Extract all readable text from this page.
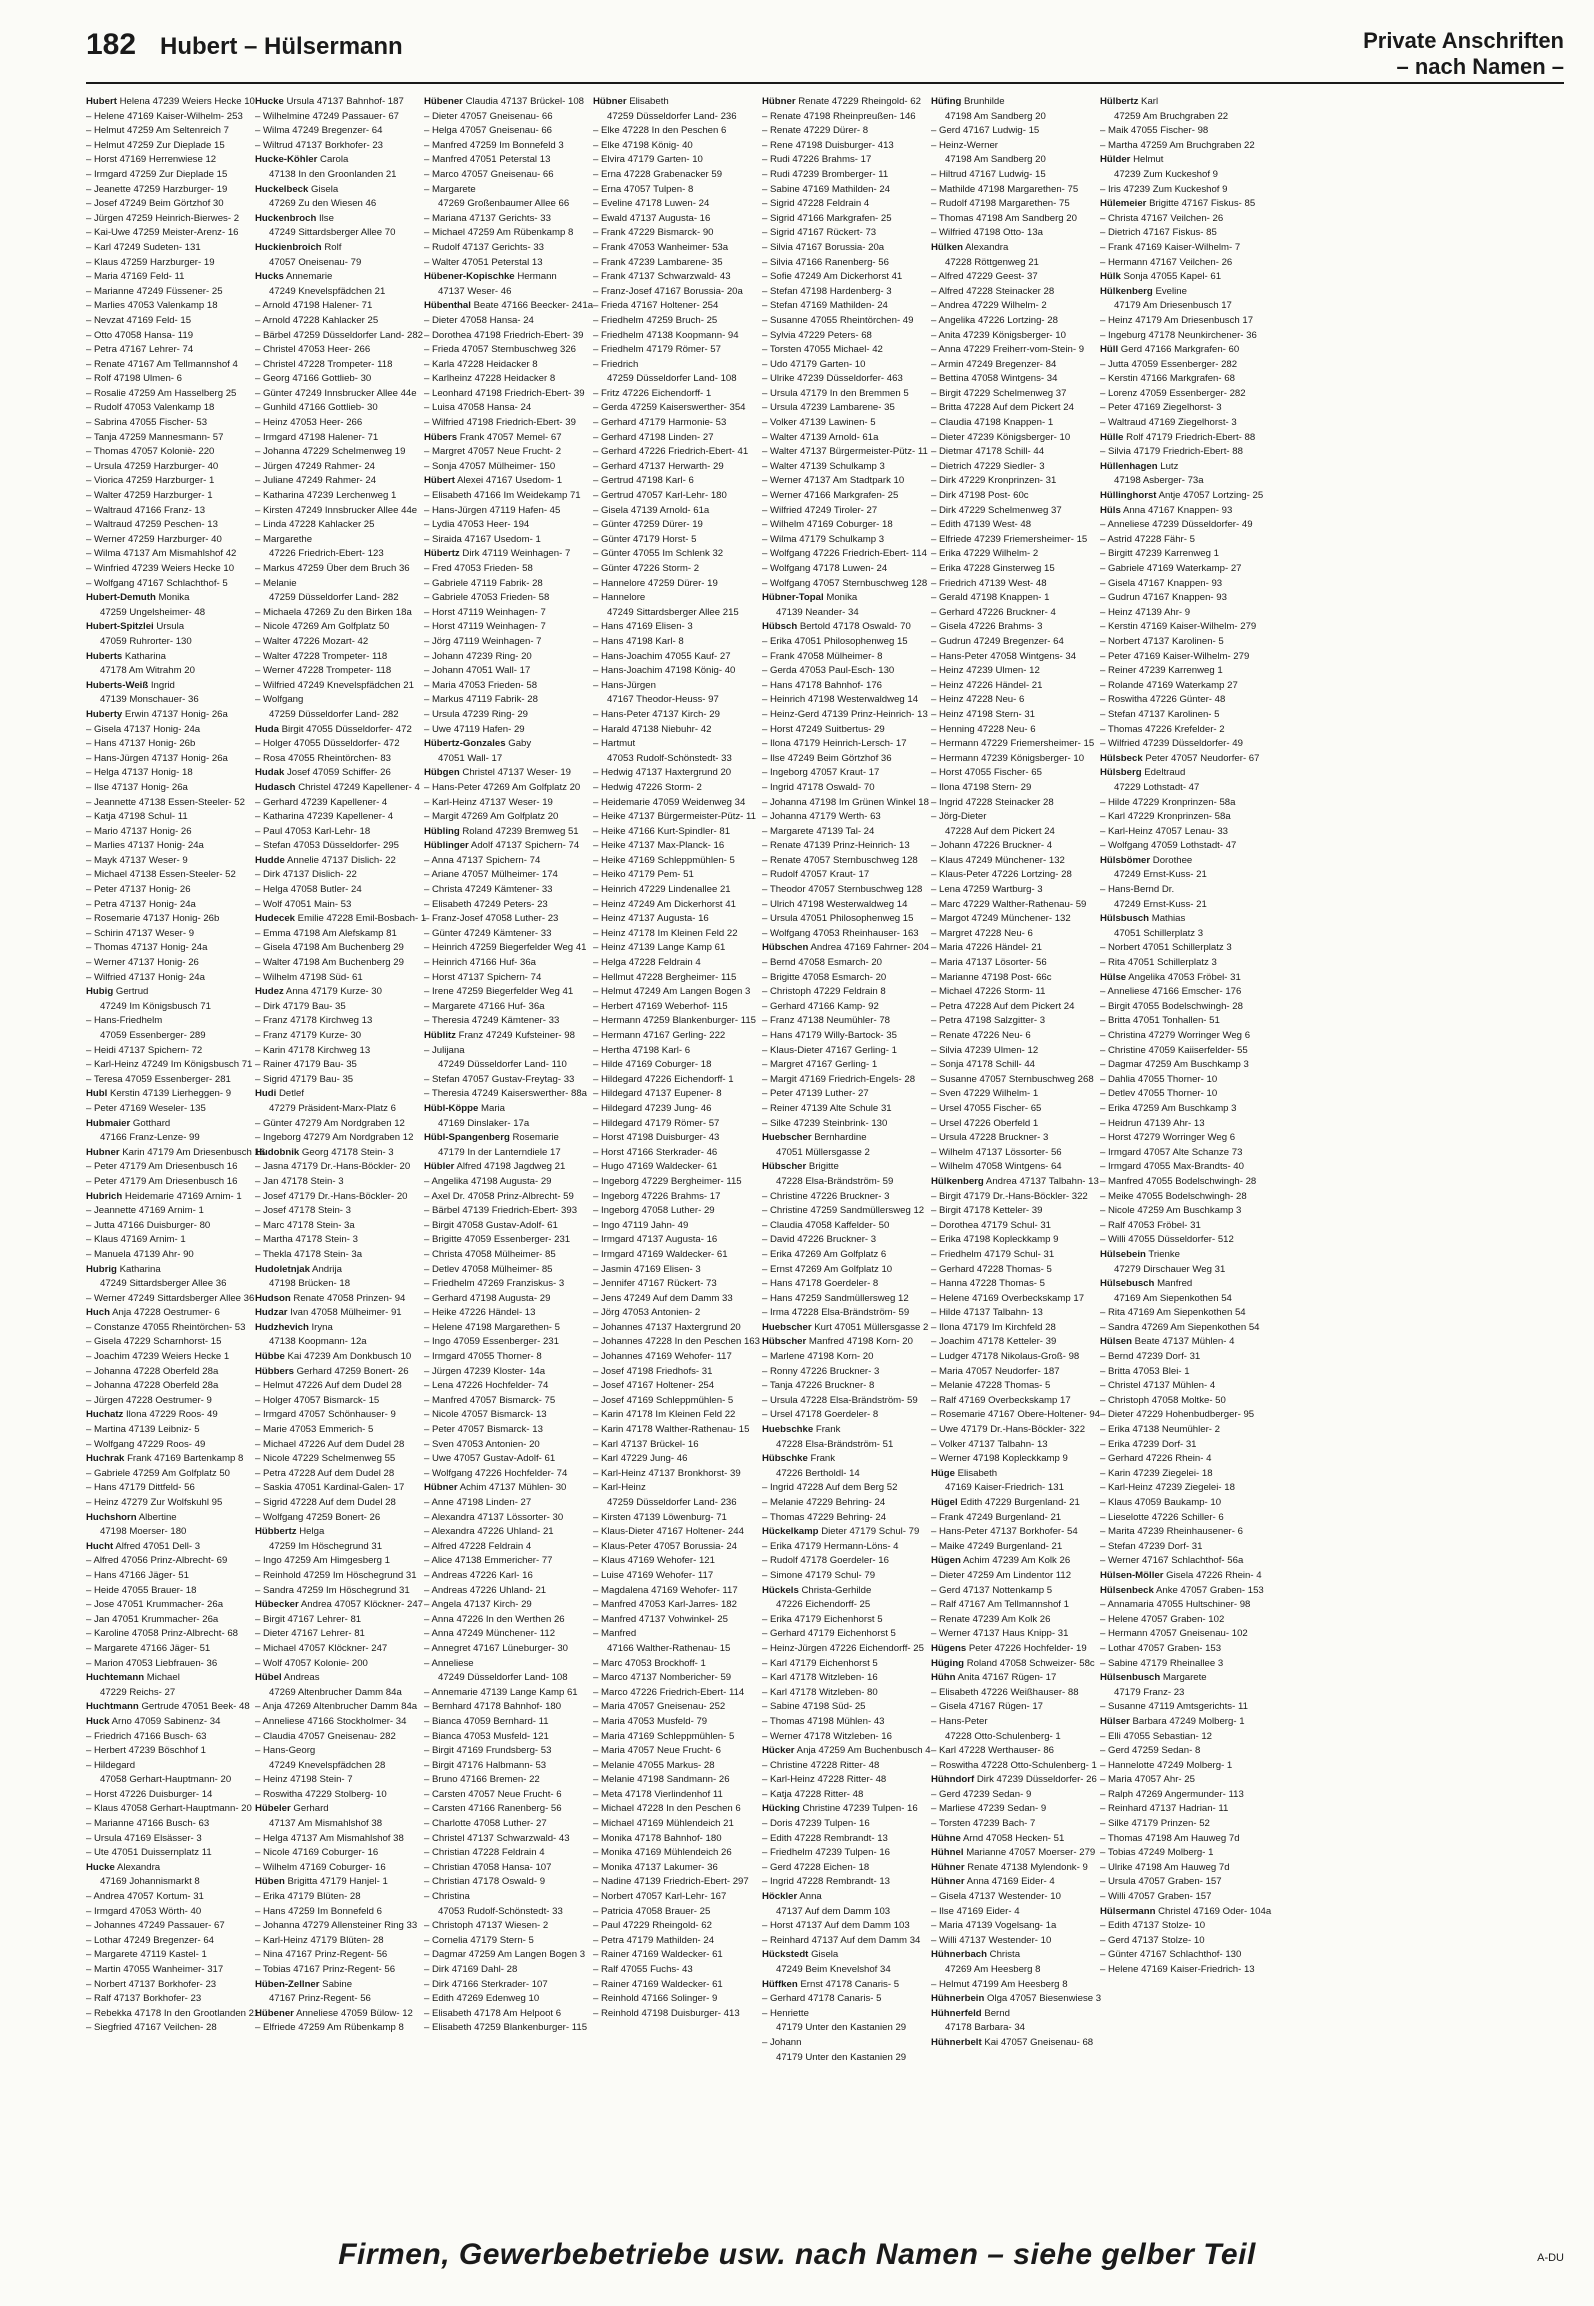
182 Hubert – Hülsermann	Private Anschriften
– nach Namen –
Hubert Helena 47239 Weiers Hecke 10
– Helene 47169 Kaiser-Wilhelm- 253
– Helmut 47259 Am Seltenreich 7
– Helmut 47259 Zur Dieplade 15
– Horst 47169 Herrenwiese 12
– Irmgard 47259 Zur Dieplade 15
– Jeanette 47259 Harzburger- 19
– Josef 47249 Beim Görtzhof 30
– Jürgen 47259 Heinrich-Bierwes- 2
– Kai-Uwe 47259 Meister-Arenz- 16
– Karl 47249 Sudeten- 131
– Klaus 47259 Harzburger- 19
– Maria 47169 Feld- 11
– Marianne 47249 Füssener- 25
– Marlies 47053 Valenkamp 18
– Nevzat 47169 Feld- 15
– Otto 47058 Hansa- 119
– Petra 47167 Lehrer- 74
– Renate 47167 Am Tellmannshof 4
– Rolf 47198 Ulmen- 6
– Rosalie 47259 Am Hasselberg 25
– Rudolf 47053 Valenkamp 18
– Sabrina 47055 Fischer- 53
– Tanja 47259 Mannesmann- 57
– Thomas 47057 Koloniè- 220
– Ursula 47259 Harzburger- 40
– Viorica 47259 Harzburger- 1
– Walter 47259 Harzburger- 1
– Waltraud 47166 Franz- 13
– Waltraud 47259 Peschen- 13
– Werner 47259 Harzburger- 40
– Wilma 47137 Am Mismahlshof 42
– Winfried 47239 Weiers Hecke 10
– Wolfgang 47167 Schlachthof- 5
Hubert-Demuth Monika
47259 Ungelsheimer- 48
Hubert-Spitzlei Ursula
47059 Ruhrorter- 130
Huberts Katharina
47178 Am Witrahm 20
Huberts-Weiß Ingrid
47139 Monschauer- 36
Huberty Erwin 47137 Honig- 26a
– Gisela 47137 Honig- 24a
– Hans 47137 Honig- 26b
– Hans-Jürgen 47137 Honig- 26a
– Helga 47137 Honig- 18
– Ilse 47137 Honig- 26a
– Jeannette 47138 Essen-Steeler- 52
– Katja 47198 Schul- 11
– Mario 47137 Honig- 26
– Marlies 47137 Honig- 24a
– Mayk 47137 Weser- 9
– Michael 47138 Essen-Steeler- 52
– Peter 47137 Honig- 26
– Petra 47137 Honig- 24a
– Rosemarie 47137 Honig- 26b
– Schirin 47137 Weser- 9
– Thomas 47137 Honig- 24a
– Werner 47137 Honig- 26
– Wilfried 47137 Honig- 24a
Hubig Gertrud
47249 Im Königsbusch 71
– Hans-Friedhelm
47059 Essenberger- 289
– Heidi 47137 Spichern- 72
– Karl-Heinz 47249 Im Königsbusch 71
– Teresa 47059 Essenberger- 281
Hubl Kerstin 47139 Lierheggen- 9
– Peter 47169 Weseler- 135
Hubmaier Gotthard
47166 Franz-Lenze- 99
Hubner Karin 47179 Am Driesenbusch 16
– Peter 47179 Am Driesenbusch 16
– Peter 47179 Am Driesenbusch 16
Hubrich Heidemarie 47169 Arnim- 1
– Jeannette 47169 Arnim- 1
– Jutta 47166 Duisburger- 80
– Klaus 47169 Arnim- 1
– Manuela 47139 Ahr- 90
Hubrig Katharina
47249 Sittardsberger Allee 36
– Werner 47249 Sittardsberger Allee 36
Huch Anja 47228 Oestrumer- 6
– Constanze 47055 Rheintörchen- 53
– Gisela 47229 Scharnhorst- 15
– Joachim 47239 Weiers Hecke 1
– Johanna 47228 Oberfeld 28a
– Johanna 47228 Oberfeld 28a
– Jürgen 47228 Oestrumer- 9
Huchatz Ilona 47229 Roos- 49
– Martina 47139 Leibniz- 5
– Wolfgang 47229 Roos- 49
Huchrak Frank 47169 Bartenkamp 8
– Gabriele 47259 Am Golfplatz 50
– Hans 47179 Dittfeld- 56
– Heinz 47279 Zur Wolfskuhl 95
Huchshorn Albertine
47198 Moerser- 180
Hucht Alfred 47051 Dell- 3
– Alfred 47056 Prinz-Albrecht- 69
– Hans 47166 Jäger- 51
– Heide 47055 Brauer- 18
– Jose 47051 Krummacher- 26a
– Jan 47051 Krummacher- 26a
– Karoline 47058 Prinz-Albrecht- 68
– Margarete 47166 Jäger- 51
– Marion 47053 Liebfrauen- 36
Huchtemann Michael
47229 Reichs- 27
Huchtmann Gertrude 47051 Beek- 48
Huck Arno 47059 Sabinenz- 34
– Friedrich 47166 Busch- 63
– Herbert 47239 Böschhof 1
– Hildegard
47058 Gerhart-Hauptmann- 20
– Horst 47226 Duisburger- 14
– Klaus 47058 Gerhart-Hauptmann- 20
– Marianne 47166 Busch- 63
– Ursula 47169 Elsässer- 3
– Ute 47051 Duissernplatz 11
Hucke Alexandra
47169 Johannismarkt 8
– Andrea 47057 Kortum- 31
– Irmgard 47053 Wörth- 40
– Johannes 47249 Passauer- 67
– Lothar 47249 Bregenzer- 64
– Margarete 47119 Kastel- 1
– Martin 47055 Wanheimer- 317
– Norbert 47137 Borkhofer- 23
– Ralf 47137 Borkhofer- 23
– Rebekka 47178 In den Grootlanden 21
– Siegfried 47167 Veilchen- 28
Hucke Ursula 47137 Bahnhof- 187
– Wilhelmine 47249 Passauer- 67
– Wilma 47249 Bregenzer- 64
– Wiltrud 47137 Borkhofer- 23
Hucke-Köhler Carola
47138 In den Groonlanden 21
Huckelbeck Gisela
47269 Zu den Wiesen 46
Huckenbroch Ilse
47249 Sittardsberger Allee 70
Huckienbroich Rolf
47057 Oneisenau- 79
Hucks Annemarie
47249 Knevelspfädchen 21
– Arnold 47198 Halener- 71
– Arnold 47228 Kahlacker 25
– Bärbel 47259 Düsseldorfer Land- 282
– Christel 47053 Heer- 266
– Christel 47228 Trompeter- 118
– Georg 47166 Gottlieb- 30
– Günter 47249 Innsbrucker Allee 44e
– Gunhild 47166 Gottlieb- 30
– Heinz 47053 Heer- 266
– Irmgard 47198 Halener- 71
– Johanna 47229 Schelmenweg 19
– Jürgen 47249 Rahmer- 24
– Juliane 47249 Rahmer- 24
– Katharina 47239 Lerchenweg 1
– Kirsten 47249 Innsbrucker Allee 44e
– Linda 47228 Kahlacker 25
– Margarethe
47226 Friedrich-Ebert- 123
– Markus 47259 Über dem Bruch 36
– Melanie
47259 Düsseldorfer Land- 282
– Michaela 47269 Zu den Birken 18a
– Nicole 47269 Am Golfplatz 50
– Walter 47226 Mozart- 42
– Walter 47228 Trompeter- 118
– Werner 47228 Trompeter- 118
– Wilfried 47249 Knevelspfädchen 21
– Wolfgang
47259 Düsseldorfer Land- 282
Huda Birgit 47055 Düsseldorfer- 472
– Holger 47055 Düsseldorfer- 472
– Rosa 47055 Rheintörchen- 83
Hudak Josef 47059 Schiffer- 26
Hudasch Christel 47249 Kapellener- 4
– Gerhard 47239 Kapellener- 4
– Katharina 47239 Kapellener- 4
– Paul 47053 Karl-Lehr- 18
– Stefan 47053 Düsseldorfer- 295
Hudde Annelie 47137 Dislich- 22
– Dirk 47137 Dislich- 22
– Helga 47058 Butler- 24
– Wolf 47051 Main- 53
Hudecek Emilie 47228 Emil-Bosbach- 1
– Emma 47198 Am Alefskamp 81
– Gisela 47198 Am Buchenberg 29
– Walter 47198 Am Buchenberg 29
– Wilhelm 47198 Süd- 61
Hudez Anna 47179 Kurze- 30
– Dirk 47179 Bau- 35
– Franz 47178 Kirchweg 13
– Franz 47179 Kurze- 30
– Karin 47178 Kirchweg 13
– Rainer 47179 Bau- 35
– Sigrid 47179 Bau- 35
Hudi Detlef
47279 Präsident-Marx-Platz 6
– Günter 47279 Am Nordgraben 12
– Ingeborg 47279 Am Nordgraben 12
Hudobnik Georg 47178 Stein- 3
– Jasna 47179 Dr.-Hans-Böckler- 20
– Jan 47178 Stein- 3
– Josef 47179 Dr.-Hans-Böckler- 20
– Josef 47178 Stein- 3
– Marc 47178 Stein- 3a
– Martha 47178 Stein- 3
– Thekla 47178 Stein- 3a
Hudoletnjak Andrija
47198 Brücken- 18
Hudson Renate 47058 Prinzen- 94
Hudzar Ivan 47058 Mülheimer- 91
Hudzhevich Iryna
47138 Koopmann- 12a
Hübbe Kai 47239 Am Donkbusch 10
Hübbers Gerhard 47259 Bonert- 26
– Helmut 47226 Auf dem Dudel 28
– Holger 47057 Bismarck- 15
– Irmgard 47057 Schönhauser- 9
– Marie 47053 Emmerich- 5
– Michael 47226 Auf dem Dudel 28
– Nicole 47229 Schelmenweg 55
– Petra 47228 Auf dem Dudel 28
– Saskia 47051 Kardinal-Galen- 17
– Sigrid 47228 Auf dem Dudel 28
– Wolfgang 47259 Bonert- 26
Hübbertz Helga
47259 Im Höschegrund 31
– Ingo 47259 Am Himgesberg 1
– Reinhold 47259 Im Höschegrund 31
– Sandra 47259 Im Höschegrund 31
Hübecker Andrea 47057 Klöckner- 247
– Birgit 47167 Lehrer- 81
– Dieter 47167 Lehrer- 81
– Michael 47057 Klöckner- 247
– Wolf 47057 Kolonie- 200
Hübel Andreas
47269 Altenbrucher Damm 84a
– Anja 47269 Altenbrucher Damm 84a
– Anneliese 47166 Stockholmer- 34
– Claudia 47057 Gneisenau- 282
– Hans-Georg
47249 Knevelspfädchen 28
– Heinz 47198 Stein- 7
– Roswitha 47229 Stolberg- 10
Hübeler Gerhard
47137 Am Mismahlshof 38
– Helga 47137 Am Mismahlshof 38
– Nicole 47169 Coburger- 16
– Wilhelm 47169 Coburger- 16
Hüben Brigitta 47179 Hanjel- 1
– Erika 47179 Blüten- 28
– Hans 47259 Im Bonnefeld 6
– Johanna 47279 Allensteiner Ring 33
– Karl-Heinz 47179 Blüten- 28
– Nina 47167 Prinz-Regent- 56
– Tobias 47167 Prinz-Regent- 56
Hüben-Zellner Sabine
47167 Prinz-Regent- 56
Hübener Anneliese 47059 Bülow- 12
– Elfriede 47259 Am Rübenkamp 8
Hübener Claudia 47137 Brückel- 108
– Dieter 47057 Gneisenau- 66
– Helga 47057 Gneisenau- 66
– Manfred 47259 Im Bonnefeld 3
– Manfred 47051 Peterstal 13
– Marco 47057 Gneisenau- 66
– Margarete
47269 Großenbaumer Allee 66
– Mariana 47137 Gerichts- 33
– Michael 47259 Am Rübenkamp 8
– Rudolf 47137 Gerichts- 33
– Walter 47051 Peterstal 13
Hübener-Kopischke Hermann
47137 Weser- 46
Hübenthal Beate 47166 Beecker- 241a
– Dieter 47058 Hansa- 24
– Dorothea 47198 Friedrich-Ebert- 39
– Frieda 47057 Sternbuschweg 326
– Karla 47228 Heidacker 8
– Karlheinz 47228 Heidacker 8
– Leonhard 47198 Friedrich-Ebert- 39
– Luisa 47058 Hansa- 24
– Wilfried 47198 Friedrich-Ebert- 39
Hübers Frank 47057 Memel- 67
– Margret 47057 Neue Frucht- 2
– Sonja 47057 Mülheimer- 150
Hübert Alexei 47167 Usedom- 1
– Elisabeth 47166 Im Weidekamp 71
– Hans-Jürgen 47119 Hafen- 45
– Lydia 47053 Heer- 194
– Siraida 47167 Usedom- 1
Hübertz Dirk 47119 Weinhagen- 7
– Fred 47053 Frieden- 58
– Gabriele 47119 Fabrik- 28
– Gabriele 47053 Frieden- 58
– Horst 47119 Weinhagen- 7
– Horst 47119 Weinhagen- 7
– Jörg 47119 Weinhagen- 7
– Johann 47239 Ring- 20
– Johann 47051 Wall- 17
– Maria 47053 Frieden- 58
– Markus 47119 Fabrik- 28
– Ursula 47239 Ring- 29
– Uwe 47119 Hafen- 29
Hübertz-Gonzales Gaby
47051 Wall- 17
Hübgen Christel 47137 Weser- 19
– Hans-Peter 47269 Am Golfplatz 20
– Karl-Heinz 47137 Weser- 19
– Margit 47269 Am Golfplatz 20
Hübling Roland 47239 Bremweg 51
Hüblinger Adolf 47137 Spichern- 74
– Anna 47137 Spichern- 74
– Ariane 47057 Mülheimer- 174
– Christa 47249 Kämtener- 33
– Elisabeth 47249 Peters- 23
– Franz-Josef 47058 Luther- 23
– Günter 47249 Kämtener- 33
– Heinrich 47259 Biegerfelder Weg 41
– Heinrich 47166 Huf- 36a
– Horst 47137 Spichern- 74
– Irene 47259 Biegerfelder Weg 41
– Margarete 47166 Huf- 36a
– Theresia 47249 Kämtener- 33
Hüblitz Franz 47249 Kufsteiner- 98
– Julijana
47249 Düsseldorfer Land- 110
– Stefan 47057 Gustav-Freytag- 33
– Theresia 47249 Kaiserswerther- 88a
Hübl-Köppe Maria
47169 Dinslaker- 17a
Hübl-Spangenberg Rosemarie
47179 In der Lanterndiele 17
Hübler Alfred 47198 Jagdweg 21
– Angelika 47198 Augusta- 29
– Axel Dr. 47058 Prinz-Albrecht- 59
– Bärbel 47139 Friedrich-Ebert- 393
– Birgit 47058 Gustav-Adolf- 61
– Brigitte 47059 Essenberger- 231
– Christa 47058 Mülheimer- 85
– Detlev 47058 Mülheimer- 85
– Friedhelm 47269 Franziskus- 3
– Gerhard 47198 Augusta- 29
– Heike 47226 Händel- 13
– Helene 47198 Margarethen- 5
– Ingo 47059 Essenberger- 231
– Irmgard 47055 Thorner- 8
– Jürgen 47239 Kloster- 14a
– Lena 47226 Hochfelder- 74
– Manfred 47057 Bismarck- 75
– Nicole 47057 Bismarck- 13
– Peter 47057 Bismarck- 13
– Sven 47053 Antonien- 20
– Uwe 47057 Gustav-Adolf- 61
– Wolfgang 47226 Hochfelder- 74
Hübner Achim 47137 Mühlen- 30
– Anne 47198 Linden- 27
– Alexandra 47137 Lössorter- 30
– Alexandra 47226 Uhland- 21
– Alfred 47228 Feldrain 4
– Alice 47138 Emmericher- 77
– Andreas 47226 Karl- 16
– Andreas 47226 Uhland- 21
– Angela 47137 Kirch- 29
– Anna 47226 In den Werthen 26
– Anna 47249 Münchener- 112
– Annegret 47167 Lüneburger- 30
– Anneliese
47249 Düsseldorfer Land- 108
– Annemarie 47139 Lange Kamp 61
– Bernhard 47178 Bahnhof- 180
– Bianca 47059 Bernhard- 11
– Bianca 47053 Musfeld- 121
– Birgit 47169 Frundsberg- 53
– Birgit 47176 Halbmann- 53
– Bruno 47166 Bremen- 22
– Carsten 47057 Neue Frucht- 6
– Carsten 47166 Ranenberg- 56
– Charlotte 47058 Luther- 27
– Christel 47137 Schwarzwald- 43
– Christian 47228 Feldrain 4
– Christian 47058 Hansa- 107
– Christian 47178 Oswald- 9
– Christina
47053 Rudolf-Schönstedt- 33
– Christoph 47137 Wiesen- 2
– Cornelia 47179 Stern- 5
– Dagmar 47259 Am Langen Bogen 3
– Dirk 47169 Dahl- 28
– Dirk 47166 Sterkrader- 107
– Edith 47269 Edenweg 10
– Elisabeth 47178 Am Helpoot 6
– Elisabeth 47259 Blankenburger- 115
Hübner Elisabeth
47259 Düsseldorfer Land- 236
– Elke 47228 In den Peschen 6
– Elke 47198 König- 40
– Elvira 47179 Garten- 10
– Erna 47228 Grabenacker 59
– Erna 47057 Tulpen- 8
– Eveline 47178 Luwen- 24
– Ewald 47137 Augusta- 16
– Frank 47229 Bismarck- 90
– Frank 47053 Wanheimer- 53a
– Frank 47239 Lambarene- 35
– Frank 47137 Schwarzwald- 43
– Franz-Josef 47167 Borussia- 20a
– Frieda 47167 Holtener- 254
– Friedhelm 47259 Bruch- 25
– Friedhelm 47138 Koopmann- 94
– Friedhelm 47179 Römer- 57
– Friedrich
47259 Düsseldorfer Land- 108
– Fritz 47226 Eichendorff- 1
– Gerda 47259 Kaiserswerther- 354
– Gerhard 47179 Harmonie- 53
– Gerhard 47198 Linden- 27
– Gerhard 47226 Friedrich-Ebert- 41
– Gerhard 47137 Herwarth- 29
– Gertrud 47198 Karl- 6
– Gertrud 47057 Karl-Lehr- 180
– Gisela 47139 Arnold- 61a
– Günter 47259 Dürer- 19
– Günter 47179 Horst- 5
– Günter 47055 Im Schlenk 32
– Günter 47226 Storm- 2
– Hannelore 47259 Dürer- 19
– Hannelore
47249 Sittardsberger Allee 215
– Hans 47169 Elisen- 3
– Hans 47198 Karl- 8
– Hans-Joachim 47055 Kauf- 27
– Hans-Joachim 47198 König- 40
– Hans-Jürgen
47167 Theodor-Heuss- 97
– Hans-Peter 47137 Kirch- 29
– Harald 47138 Niebuhr- 42
– Hartmut
47053 Rudolf-Schönstedt- 33
– Hedwig 47137 Haxtergrund 20
– Hedwig 47226 Storm- 2
– Heidemarie 47059 Weidenweg 34
– Heike 47137 Bürgermeister-Pütz- 11
– Heike 47166 Kurt-Spindler- 81
– Heike 47137 Max-Planck- 16
– Heike 47169 Schleppmühlen- 5
– Heiko 47179 Pem- 51
– Heinrich 47229 Lindenallee 21
– Heinz 47249 Am Dickerhorst 41
– Heinz 47137 Augusta- 16
– Heinz 47178 Im Kleinen Feld 22
– Heinz 47139 Lange Kamp 61
– Helga 47228 Feldrain 4
– Hellmut 47228 Bergheimer- 115
– Helmut 47249 Am Langen Bogen 3
– Herbert 47169 Weberhof- 115
– Hermann 47259 Blankenburger- 115
– Hermann 47167 Gerling- 222
– Hertha 47198 Karl- 6
– Hilde 47169 Coburger- 18
– Hildegard 47226 Eichendorff- 1
– Hildegard 47137 Eupener- 8
– Hildegard 47239 Jung- 46
– Hildegard 47179 Römer- 57
– Horst 47198 Duisburger- 43
– Horst 47166 Sterkrader- 46
– Hugo 47169 Waldecker- 61
– Ingeborg 47229 Bergheimer- 115
– Ingeborg 47226 Brahms- 17
– Ingeborg 47058 Luther- 29
– Ingo 47119 Jahn- 49
– Irmgard 47137 Augusta- 16
– Irmgard 47169 Waldecker- 61
– Jasmin 47169 Elisen- 3
– Jennifer 47167 Rückert- 73
– Jens 47249 Auf dem Damm 33
– Jörg 47053 Antonien- 2
– Johannes 47137 Haxtergrund 20
– Johannes 47228 In den Peschen 163
– Johannes 47169 Wehofer- 117
– Josef 47198 Friedhofs- 31
– Josef 47167 Holtener- 254
– Josef 47169 Schleppmühlen- 5
– Karin 47178 Im Kleinen Feld 22
– Karin 47178 Walther-Rathenau- 15
– Karl 47137 Brückel- 16
– Karl 47229 Jung- 46
– Karl-Heinz 47137 Bronkhorst- 39
– Karl-Heinz
47259 Düsseldorfer Land- 236
– Kirsten 47139 Löwenburg- 71
– Klaus-Dieter 47167 Holtener- 244
– Klaus-Peter 47057 Borussia- 24
– Klaus 47169 Wehofer- 121
– Luise 47169 Wehofer- 117
– Magdalena 47169 Wehofer- 117
– Manfred 47053 Karl-Jarres- 182
– Manfred 47137 Vohwinkel- 25
– Manfred
47166 Walther-Rathenau- 15
– Marc 47053 Brockhoff- 1
– Marco 47137 Nombericher- 59
– Marco 47226 Friedrich-Ebert- 114
– Maria 47057 Gneisenau- 252
– Maria 47053 Musfeld- 79
– Maria 47169 Schleppmühlen- 5
– Maria 47057 Neue Frucht- 6
– Melanie 47055 Markus- 28
– Melanie 47198 Sandmann- 26
– Meta 47178 Vierlindenhof 11
– Michael 47228 In den Peschen 6
– Michael 47169 Mühlendeich 21
– Monika 47178 Bahnhof- 180
– Monika 47169 Mühlendeich 26
– Monika 47137 Lakumer- 36
– Nadine 47139 Friedrich-Ebert- 297
– Norbert 47057 Karl-Lehr- 167
– Patricia 47058 Brauer- 25
– Paul 47229 Rheingold- 62
– Petra 47179 Mathilden- 24
– Rainer 47169 Waldecker- 61
– Ralf 47055 Fuchs- 43
– Rainer 47169 Waldecker- 61
– Reinhold 47166 Solinger- 9
– Reinhold 47198 Duisburger- 413
Hübner Renate 47229 Rheingold- 62
– Renate 47198 Rheinpreußen- 146
– Renate 47229 Dürer- 8
– Rene 47198 Duisburger- 413
– Rudi 47226 Brahms- 17
– Rudi 47239 Bromberger- 11
– Sabine 47169 Mathilden- 24
– Sigrid 47228 Feldrain 4
– Sigrid 47166 Markgrafen- 25
– Sigrid 47167 Rückert- 73
– Silvia 47167 Borussia- 20a
– Silvia 47166 Ranenberg- 56
– Sofie 47249 Am Dickerhorst 41
– Stefan 47198 Hardenberg- 3
– Stefan 47169 Mathilden- 24
– Susanne 47055 Rheintörchen- 49
– Sylvia 47229 Peters- 68
– Torsten 47055 Michael- 42
– Udo 47179 Garten- 10
– Ulrike 47239 Düsseldorfer- 463
– Ursula 47179 In den Bremmen 5
– Ursula 47239 Lambarene- 35
– Volker 47139 Lawinen- 5
– Walter 47139 Arnold- 61a
– Walter 47137 Bürgermeister-Pütz- 11
– Walter 47139 Schulkamp 3
– Werner 47137 Am Stadtpark 10
– Werner 47166 Markgrafen- 25
– Wilfried 47249 Tiroler- 27
– Wilhelm 47169 Coburger- 18
– Wilma 47179 Schulkamp 3
– Wolfgang 47226 Friedrich-Ebert- 114
– Wolfgang 47178 Luwen- 24
– Wolfgang 47057 Sternbuschweg 128
Hübner-Topal Monika
47139 Neander- 34
Hübsch Bertold 47178 Oswald- 70
– Erika 47051 Philosophenweg 15
– Frank 47058 Mülheimer- 8
– Gerda 47053 Paul-Esch- 130
– Hans 47178 Bahnhof- 176
– Heinrich 47198 Westerwaldweg 14
– Heinz-Gerd 47139 Prinz-Heinrich- 13
– Horst 47249 Suitbertus- 29
– Ilona 47179 Heinrich-Lersch- 17
– Ilse 47249 Beim Görtzhof 36
– Ingeborg 47057 Kraut- 17
– Ingrid 47178 Oswald- 70
– Johanna 47198 Im Grünen Winkel 18
– Johanna 47179 Werth- 63
– Margarete 47139 Tal- 24
– Renate 47139 Prinz-Heinrich- 13
– Renate 47057 Sternbuschweg 128
– Rudolf 47057 Kraut- 17
– Theodor 47057 Sternbuschweg 128
– Ulrich 47198 Westerwaldweg 14
– Ursula 47051 Philosophenweg 15
– Wolfgang 47053 Rheinhauser- 163
Hübschen Andrea 47169 Fahrner- 204
– Bernd 47058 Esmarch- 20
– Brigitte 47058 Esmarch- 20
– Christoph 47229 Feldrain 8
– Gerhard 47166 Kamp- 92
– Franz 47138 Neumühler- 78
– Hans 47179 Willy-Bartock- 35
– Klaus-Dieter 47167 Gerling- 1
– Margret 47167 Gerling- 1
– Margit 47169 Friedrich-Engels- 28
– Peter 47139 Luther- 27
– Reiner 47139 Alte Schule 31
– Silke 47239 Steinbrink- 130
Huebscher Bernhardine
47051 Müllersgasse 2
Hübscher Brigitte
47228 Elsa-Brändström- 59
– Christine 47226 Bruckner- 3
– Christine 47259 Sandmüllersweg 12
– Claudia 47058 Kaffelder- 50
– David 47226 Bruckner- 3
– Erika 47269 Am Golfplatz 6
– Ernst 47269 Am Golfplatz 10
– Hans 47178 Goerdeler- 8
– Hans 47259 Sandmüllersweg 12
– Irma 47228 Elsa-Brändström- 59
Huebscher Kurt 47051 Müllersgasse 2
Hübscher Manfred 47198 Korn- 20
– Marlene 47198 Korn- 20
– Ronny 47226 Bruckner- 3
– Tanja 47226 Bruckner- 8
– Ursula 47228 Elsa-Brändström- 59
– Ursel 47178 Goerdeler- 8
Huebschke Frank
47228 Elsa-Brändström- 51
Hübschke Frank
47226 Bertholdl- 14
– Ingrid 47228 Auf dem Berg 52
– Melanie 47229 Behring- 24
– Thomas 47229 Behring- 24
Hückelkamp Dieter 47179 Schul- 79
– Erika 47179 Hermann-Löns- 4
– Rudolf 47178 Goerdeler- 16
– Simone 47179 Schul- 79
Hückels Christa-Gerhilde
47226 Eichendorff- 25
– Erika 47179 Eichenhorst 5
– Gerhard 47179 Eichenhorst 5
– Heinz-Jürgen 47226 Eichendorff- 25
– Karl 47179 Eichenhorst 5
– Karl 47178 Witzleben- 16
– Karl 47178 Witzleben- 80
– Sabine 47198 Süd- 25
– Thomas 47198 Mühlen- 43
– Werner 47178 Witzleben- 16
Hücker Anja 47259 Am Buchenbusch 4
– Christine 47228 Ritter- 48
– Karl-Heinz 47228 Ritter- 48
– Katja 47228 Ritter- 48
Hücking Christine 47239 Tulpen- 16
– Doris 47239 Tulpen- 16
– Edith 47228 Rembrandt- 13
– Friedhelm 47239 Tulpen- 16
– Gerd 47228 Eichen- 18
– Ingrid 47228 Rembrandt- 13
Höckler Anna
47137 Auf dem Damm 103
– Horst 47137 Auf dem Damm 103
– Reinhard 47137 Auf dem Damm 34
Hückstedt Gisela
47249 Beim Knevelshof 34
Hüffken Ernst 47178 Canaris- 5
– Gerhard 47178 Canaris- 5
– Henriette
47179 Unter den Kastanien 29
– Johann
47179 Unter den Kastanien 29
Hüfing Brunhilde
47198 Am Sandberg 20
– Gerd 47167 Ludwig- 15
– Heinz-Werner
47198 Am Sandberg 20
– Hiltrud 47167 Ludwig- 15
– Mathilde 47198 Margarethen- 75
– Rudolf 47198 Margarethen- 75
– Thomas 47198 Am Sandberg 20
– Wilfried 47198 Otto- 13a
Hülken Alexandra
47228 Röttgenweg 21
– Alfred 47229 Geest- 37
– Alfred 47228 Steinacker 28
– Andrea 47229 Wilhelm- 2
– Angelika 47226 Lortzing- 28
– Anita 47239 Königsberger- 10
– Anna 47229 Freiherr-vom-Stein- 9
– Armin 47249 Bregenzer- 84
– Bettina 47058 Wintgens- 34
– Birgit 47229 Schelmenweg 37
– Britta 47228 Auf dem Pickert 24
– Claudia 47198 Knappen- 1
– Dieter 47239 Königsberger- 10
– Dietmar 47178 Schill- 44
– Dietrich 47229 Siedler- 3
– Dirk 47229 Kronprinzen- 31
– Dirk 47198 Post- 60c
– Dirk 47229 Schelmenweg 37
– Edith 47139 West- 48
– Elfriede 47239 Friemersheimer- 15
– Erika 47229 Wilhelm- 2
– Erika 47228 Ginsterweg 15
– Friedrich 47139 West- 48
– Gerald 47198 Knappen- 1
– Gerhard 47226 Bruckner- 4
– Gisela 47226 Brahms- 3
– Gudrun 47249 Bregenzer- 64
– Hans-Peter 47058 Wintgens- 34
– Heinz 47239 Ulmen- 12
– Heinz 47226 Händel- 21
– Heinz 47228 Neu- 6
– Heinz 47198 Stern- 31
– Henning 47228 Neu- 6
– Hermann 47229 Friemersheimer- 15
– Hermann 47239 Königsberger- 10
– Horst 47055 Fischer- 65
– Ilona 47198 Stern- 29
– Ingrid 47228 Steinacker 28
– Jörg-Dieter
47228 Auf dem Pickert 24
– Johann 47226 Bruckner- 4
– Klaus 47249 Münchener- 132
– Klaus-Peter 47226 Lortzing- 28
– Lena 47259 Wartburg- 3
– Marc 47229 Walther-Rathenau- 59
– Margot 47249 Münchener- 132
– Margret 47228 Neu- 6
– Maria 47226 Händel- 21
– Maria 47137 Lösorter- 56
– Marianne 47198 Post- 66c
– Michael 47226 Storm- 11
– Petra 47228 Auf dem Pickert 24
– Petra 47198 Salzgitter- 3
– Renate 47226 Neu- 6
– Silvia 47239 Ulmen- 12
– Sonja 47178 Schill- 44
– Susanne 47057 Sternbuschweg 268
– Sven 47229 Wilhelm- 1
– Ursel 47055 Fischer- 65
– Ursel 47226 Oberfeld 1
– Ursula 47228 Bruckner- 3
– Wilhelm 47137 Lössorter- 56
– Wilhelm 47058 Wintgens- 64
Hülkenberg Andrea 47137 Talbahn- 13
– Birgit 47179 Dr.-Hans-Böckler- 322
– Birgit 47178 Ketteler- 39
– Dorothea 47179 Schul- 31
– Erika 47198 Kopleckkamp 9
– Friedhelm 47179 Schul- 31
– Gerhard 47228 Thomas- 5
– Hanna 47228 Thomas- 5
– Helene 47169 Overbeckskamp 17
– Hilde 47137 Talbahn- 13
– Ilona 47179 Im Kirchfeld 28
– Joachim 47178 Ketteler- 39
– Ludger 47178 Nikolaus-Groß- 98
– Maria 47057 Neudorfer- 187
– Melanie 47228 Thomas- 5
– Ralf 47169 Overbeckskamp 17
– Rosemarie 47167 Obere-Holtener- 94
– Uwe 47179 Dr.-Hans-Böckler- 322
– Volker 47137 Talbahn- 13
– Werner 47198 Kopleckkamp 9
Hüge Elisabeth
47169 Kaiser-Friedrich- 131
Hügel Edith 47229 Burgenland- 21
– Frank 47249 Burgenland- 21
– Hans-Peter 47137 Borkhofer- 54
– Maike 47249 Burgenland- 21
Hügen Achim 47239 Am Kolk 26
– Dieter 47259 Am Lindentor 112
– Gerd 47137 Nottenkamp 5
– Ralf 47167 Am Tellmannshof 1
– Renate 47239 Am Kolk 26
– Werner 47137 Haus Knipp- 31
Hügens Peter 47226 Hochfelder- 19
Hüging Roland 47058 Schweizer- 58c
Hühn Anita 47167 Rügen- 17
– Elisabeth 47226 Weißhauser- 88
– Gisela 47167 Rügen- 17
– Hans-Peter
47228 Otto-Schulenberg- 1
– Karl 47228 Werthauser- 86
– Roswitha 47228 Otto-Schulenberg- 1
Hühndorf Dirk 47239 Düsseldorfer- 26
– Gerd 47239 Sedan- 9
– Marliese 47239 Sedan- 9
– Torsten 47239 Bach- 7
Hühne Arnd 47058 Hecken- 51
Hühnel Marianne 47057 Moerser- 279
Hühner Renate 47138 Mylendonk- 9
Hühner Anna 47169 Eider- 4
– Gisela 47137 Westender- 10
– Ilse 47169 Eider- 4
– Maria 47139 Vogelsang- 1a
– Willi 47137 Westender- 10
Hühnerbach Christa
47269 Am Heesberg 8
– Helmut 47199 Am Heesberg 8
Hühnerbein Olga 47057 Biesenwiese 3
Hühnerfeld Bernd
47178 Barbara- 34
Hühnerbelt Kai 47057 Gneisenau- 68
Hülbertz Karl
47259 Am Bruchgraben 22
– Maik 47055 Fischer- 98
– Martha 47259 Am Bruchgraben 22
Hülder Helmut
47239 Zum Kuckeshof 9
– Iris 47239 Zum Kuckeshof 9
Hülemeier Brigitte 47167 Fiskus- 85
– Christa 47167 Veilchen- 26
– Dietrich 47167 Fiskus- 85
– Frank 47169 Kaiser-Wilhelm- 7
– Hermann 47167 Veilchen- 26
Hülk Sonja 47055 Kapel- 61
Hülkenberg Eveline
47179 Am Driesenbusch 17
– Heinz 47179 Am Driesenbusch 17
– Ingeburg 47178 Neunkirchener- 36
Hüll Gerd 47166 Markgrafen- 60
– Jutta 47059 Essenberger- 282
– Kerstin 47166 Markgrafen- 68
– Lorenz 47059 Essenberger- 282
– Peter 47169 Ziegelhorst- 3
– Waltraud 47169 Ziegelhorst- 3
Hülle Rolf 47179 Friedrich-Ebert- 88
– Silvia 47179 Friedrich-Ebert- 88
Hüllenhagen Lutz
47198 Asberger- 73a
Hüllinghorst Antje 47057 Lortzing- 25
Hüls Anna 47167 Knappen- 93
– Anneliese 47239 Düsseldorfer- 49
– Astrid 47228 Fähr- 5
– Birgitt 47239 Karrenweg 1
– Gabriele 47169 Waterkamp- 27
– Gisela 47167 Knappen- 93
– Gudrun 47167 Knappen- 93
– Heinz 47139 Ahr- 9
– Kerstin 47169 Kaiser-Wilhelm- 279
– Norbert 47137 Karolinen- 5
– Peter 47169 Kaiser-Wilhelm- 279
– Reiner 47239 Karrenweg 1
– Rolande 47169 Waterkamp 27
– Roswitha 47226 Günter- 48
– Stefan 47137 Karolinen- 5
– Thomas 47226 Krefelder- 2
– Wilfried 47239 Düsseldorfer- 49
Hülsbeck Peter 47057 Neudorfer- 67
Hülsberg Edeltraud
47229 Lothstadt- 47
– Hilde 47229 Kronprinzen- 58a
– Karl 47229 Kronprinzen- 58a
– Karl-Heinz 47057 Lenau- 33
– Wolfgang 47059 Lothstadt- 47
Hülsbömer Dorothee
47249 Ernst-Kuss- 21
– Hans-Bernd Dr.
47249 Ernst-Kuss- 21
Hülsbusch Mathias
47051 Schillerplatz 3
– Norbert 47051 Schillerplatz 3
– Rita 47051 Schillerplatz 3
Hülse Angelika 47053 Fröbel- 31
– Anneliese 47166 Emscher- 176
– Birgit 47055 Bodelschwingh- 28
– Britta 47051 Tonhallen- 51
– Christina 47279 Worringer Weg 6
– Christine 47059 Kaiiserfelder- 55
– Dagmar 47259 Am Buschkamp 3
– Dahlia 47055 Thorner- 10
– Detlev 47055 Thorner- 10
– Erika 47259 Am Buschkamp 3
– Heidrun 47139 Ahr- 13
– Horst 47279 Worringer Weg 6
– Irmgard 47057 Alte Schanze 73
– Irmgard 47055 Max-Brandts- 40
– Manfred 47055 Bodelschwingh- 28
– Meike 47055 Bodelschwingh- 28
– Nicole 47259 Am Buschkamp 3
– Ralf 47053 Fröbel- 31
– Willi 47055 Düsseldorfer- 512
Hülsebein Trienke
47279 Dirschauer Weg 31
Hülsebusch Manfred
47169 Am Siepenkothen 54
– Rita 47169 Am Siepenkothen 54
– Sandra 47269 Am Siepenkothen 54
Hülsen Beate 47137 Mühlen- 4
– Bernd 47239 Dorf- 31
– Britta 47053 Blei- 1
– Christel 47137 Mühlen- 4
– Christoph 47058 Moltke- 50
– Dieter 47229 Hohenbudberger- 95
– Erika 47138 Neumühler- 2
– Erika 47239 Dorf- 31
– Gerhard 47226 Rhein- 4
– Karin 47239 Ziegelei- 18
– Karl-Heinz 47239 Ziegelei- 18
– Klaus 47059 Baukamp- 10
– Lieselotte 47226 Schiller- 6
– Marita 47239 Rheinhausener- 6
– Stefan 47239 Dorf- 31
– Werner 47167 Schlachthof- 56a
Hülsen-Möller Gisela 47226 Rhein- 4
Hülsenbeck Anke 47057 Graben- 153
– Annamaria 47055 Hultschiner- 98
– Helene 47057 Graben- 102
– Hermann 47057 Gneisenau- 102
– Lothar 47057 Graben- 153
– Sabine 47179 Rheinallee 3
Hülsenbusch Margarete
47179 Franz- 23
– Susanne 47119 Amtsgerichts- 11
Hülser Barbara 47249 Molberg- 1
– Elli 47055 Sebastian- 12
– Gerd 47259 Sedan- 8
– Hannelotte 47249 Molberg- 1
– Maria 47057 Ahr- 25
– Ralph 47269 Angermunder- 113
– Reinhard 47137 Hadrian- 11
– Silke 47179 Prinzen- 52
– Thomas 47198 Am Hauweg 7d
– Tobias 47249 Molberg- 1
– Ulrike 47198 Am Hauweg 7d
– Ursula 47057 Graben- 157
– Willi 47057 Graben- 157
Hülsermann Christel 47169 Oder- 104a
– Edith 47137 Stolze- 10
– Gerd 47137 Stolze- 10
– Günter 47167 Schlachthof- 130
– Helene 47169 Kaiser-Friedrich- 13
Firmen, Gewerbebetriebe usw. nach Namen – siehe gelber Teil	A-DU
